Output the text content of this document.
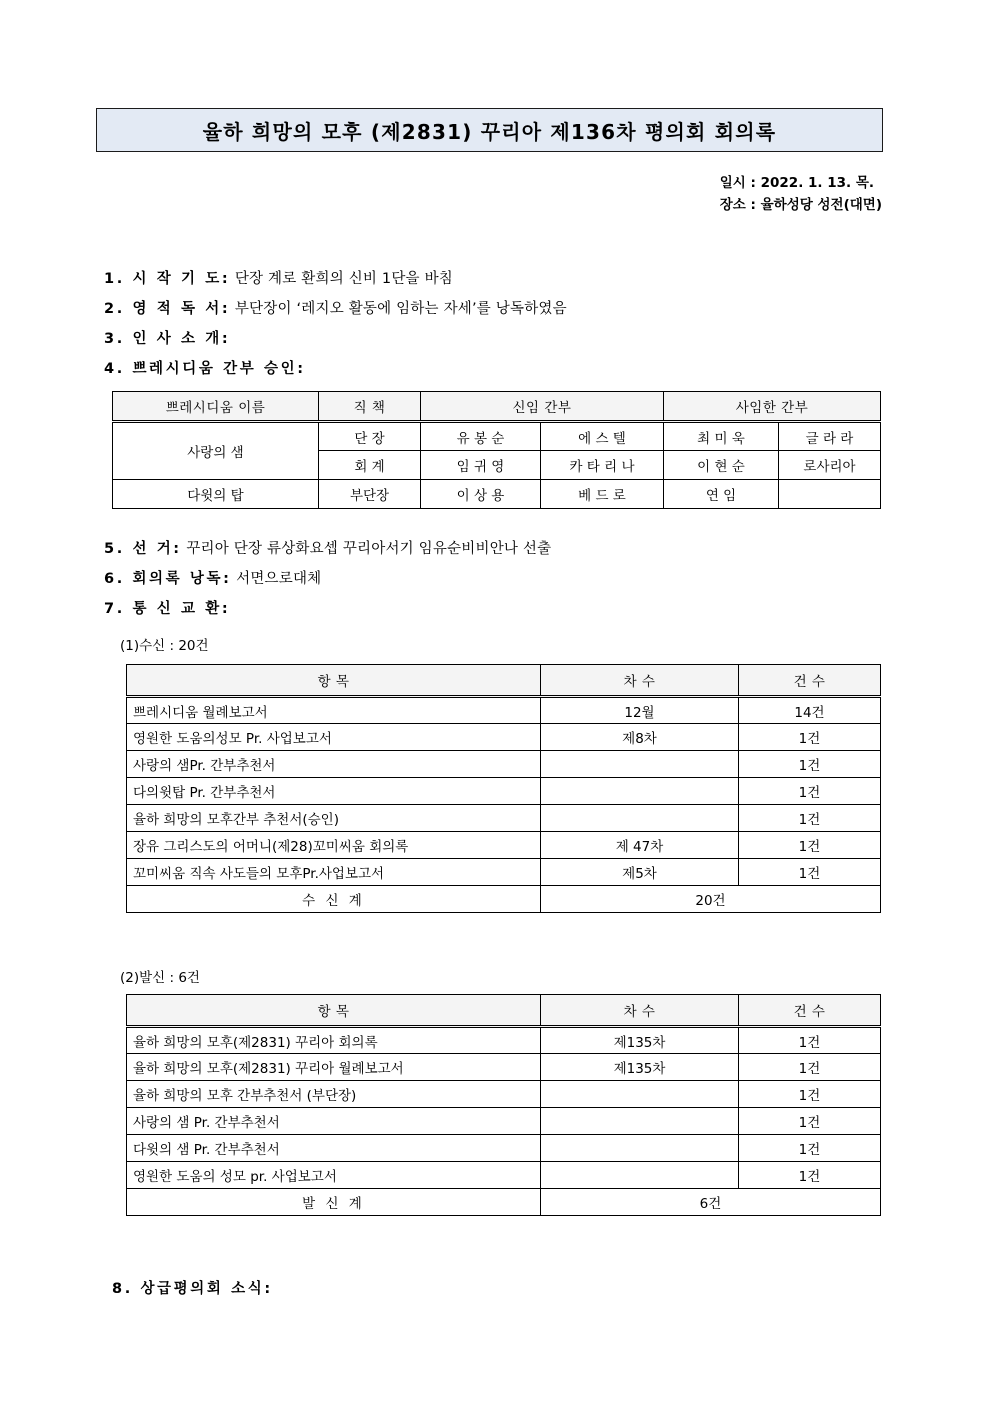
율하 희망의 모후 (제2831) 꾸리아 제136차 평의회 회의록
일시 : 2022. 1. 13. 목.
장소 : 율하성당 성전(대면)
1. 시 작 기 도: 단장 계로 환희의 신비 1단을 바침
2. 영 적 독 서: 부단장이 ‘레지오 활동에 임하는 자세’를 낭독하였음
3. 인 사 소 개:
4. 쁘레시디움 간부 승인:
쁘레시디움 이름	직 책	신임 간부		사임한 간부	
사랑의 샘	단 장	유 봉 순	에 스 텔	최 미 욱	글 라 라
	회 계	임 귀 영	카 타 리 나	이 현 순	로사리아
다윗의 탑	부단장	이 상 용	베 드 로	연 임	
5. 선 거: 꾸리아 단장 류상화요셉 꾸리아서기 임유순비비안나 선출
6. 회의록 낭독: 서면으로대체
7. 통 신 교 환:
(1)수신 : 20건
항 목	차 수	건 수
쁘레시디움 월례보고서	12월	14건
영원한 도움의성모 Pr. 사업보고서	제8차	1건
사랑의 샘Pr. 간부추천서		1건
다의윗탑 Pr. 간부추천서		1건
율하 희망의 모후간부 추천서(승인)		1건
장유 그리스도의 어머니(제28)꼬미씨움 회의록	제 47차	1건
꼬미씨움 직속 사도들의 모후Pr.사업보고서	제5차	1건
수 신 계	20건	
(2)발신 : 6건
항 목	차 수	건 수
율하 희망의 모후(제2831) 꾸리아 회의록	제135차	1건
율하 희망의 모후(제2831) 꾸리아 월례보고서	제135차	1건
율하 희망의 모후 간부추천서 (부단장)		1건
사랑의 샘 Pr. 간부추천서		1건
다윗의 샘 Pr. 간부추천서		1건
영원한 도움의 성모 pr. 사업보고서		1건
발 신 계	6건	
8. 상급평의회 소식:
